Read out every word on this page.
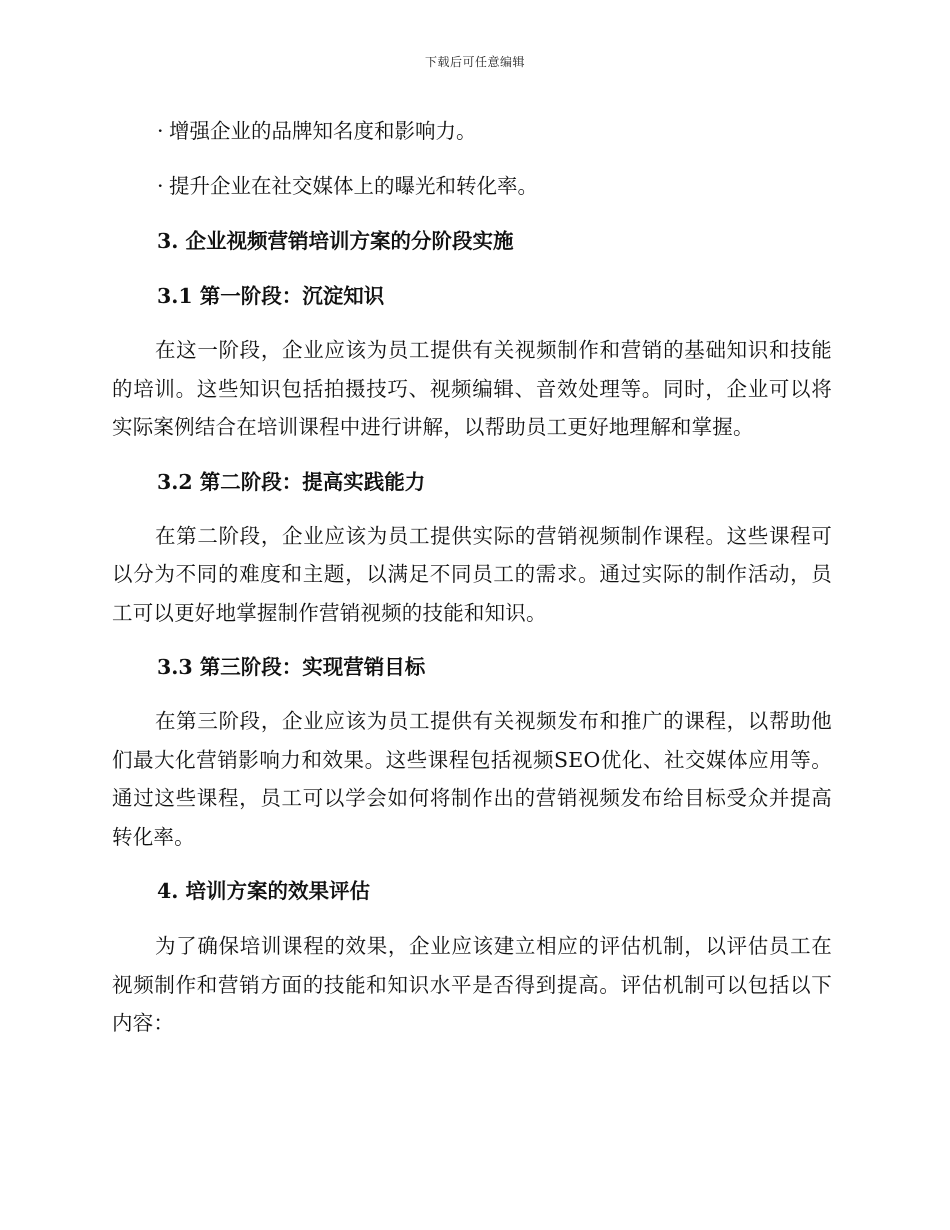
下载后可任意编辑
· 增强企业的品牌知名度和影响力。
· 提升企业在社交媒体上的曝光和转化率。
3. 企业视频营销培训方案的分阶段实施
3.1 第一阶段：沉淀知识

在这一阶段，企业应该为员工提供有关视频制作和营销的基础知识和技能的培训。这些知识包括拍摄技巧、视频编辑、音效处理等。同时，企业可以将实际案例结合在培训课程中进行讲解，以帮助员工更好地理解和掌握。

3.2 第二阶段：提高实践能力

在第二阶段，企业应该为员工提供实际的营销视频制作课程。这些课程可以分为不同的难度和主题，以满足不同员工的需求。通过实际的制作活动，员工可以更好地掌握制作营销视频的技能和知识。

3.3 第三阶段：实现营销目标

在第三阶段，企业应该为员工提供有关视频发布和推广的课程，以帮助他们最大化营销影响力和效果。这些课程包括视频SEO优化、社交媒体应用等。通过这些课程，员工可以学会如何将制作出的营销视频发布给目标受众并提高转化率。

4. 培训方案的效果评估

为了确保培训课程的效果，企业应该建立相应的评估机制，以评估员工在视频制作和营销方面的技能和知识水平是否得到提高。评估机制可以包括以下内容：
